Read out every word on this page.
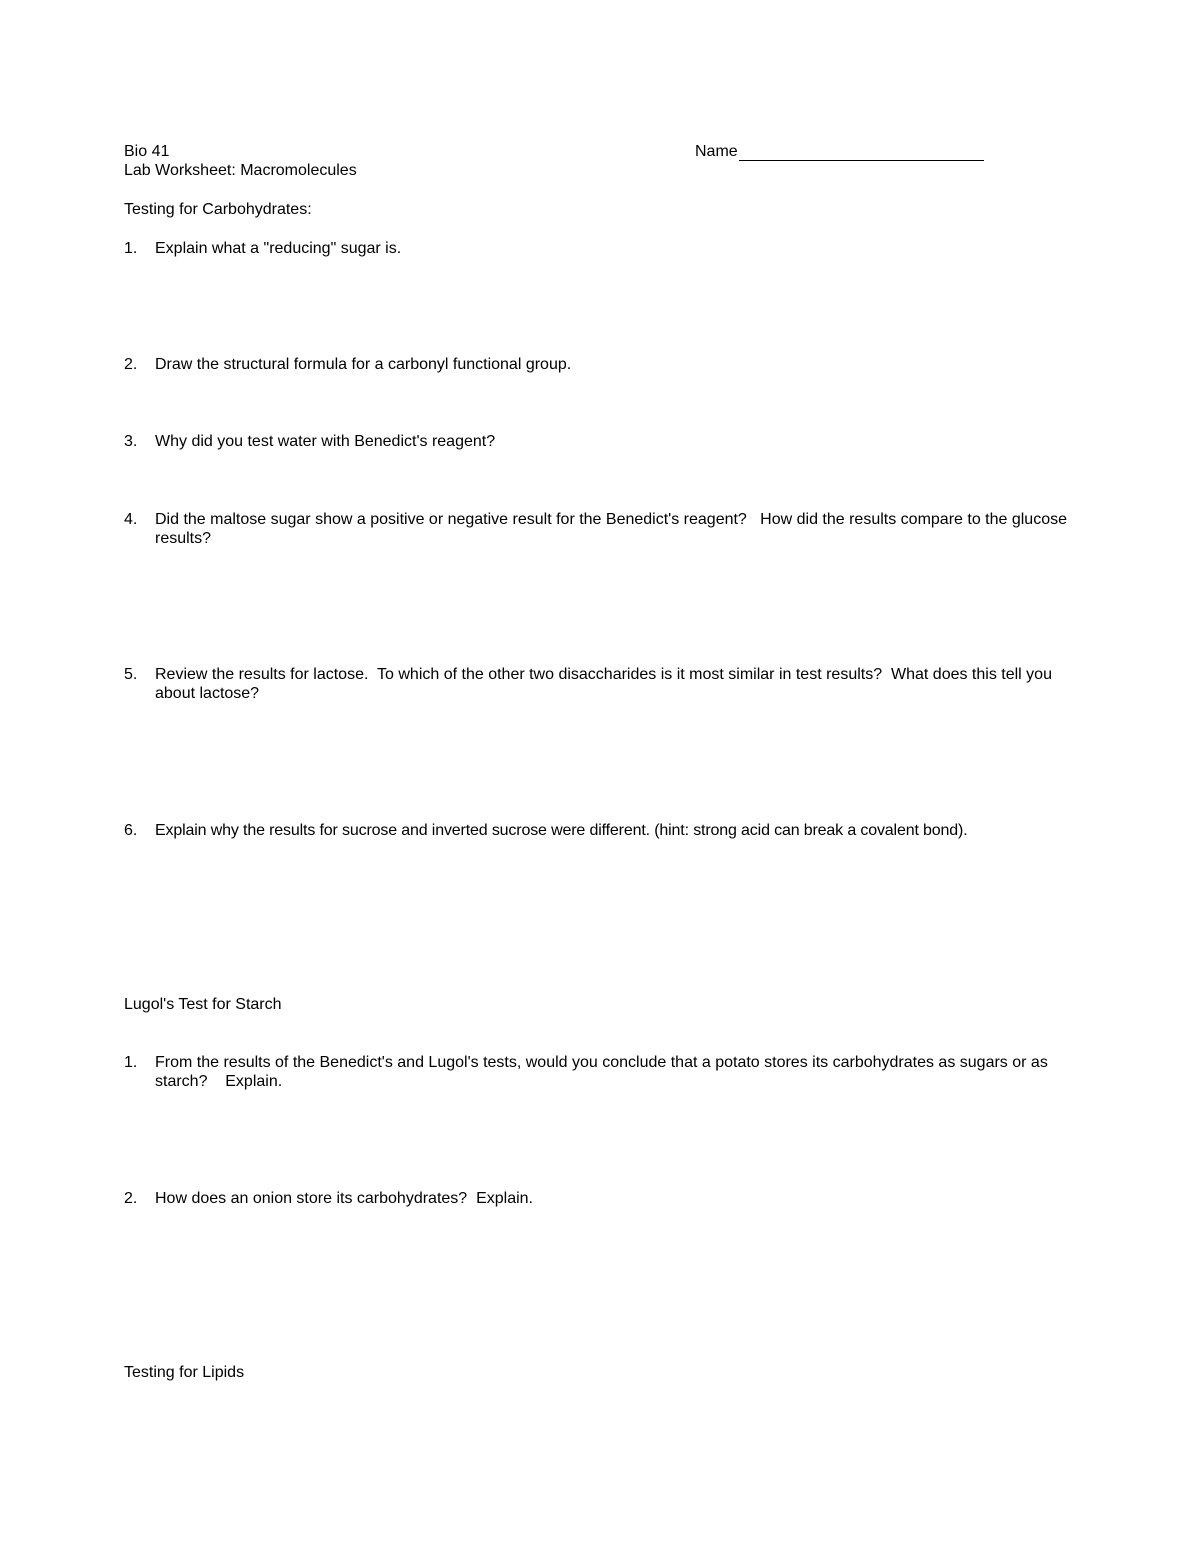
Bio 41
Lab Worksheet: Macromolecules
Name
Testing for Carbohydrates:
1. Explain what a "reducing" sugar is.
2. Draw the structural formula for a carbonyl functional group.
3. Why did you test water with Benedict's reagent?
4. Did the maltose sugar show a positive or negative result for the Benedict's reagent?   How did the results compare to the glucose results?
5. Review the results for lactose.  To which of the other two disaccharides is it most similar in test results?  What does this tell you about lactose?
6. Explain why the results for sucrose and inverted sucrose were different. (hint: strong acid can break a covalent bond).
Lugol's Test for Starch
1. From the results of the Benedict's and Lugol's tests, would you conclude that a potato stores its carbohydrates as sugars or as starch?    Explain.
2. How does an onion store its carbohydrates?  Explain.
Testing for Lipids
